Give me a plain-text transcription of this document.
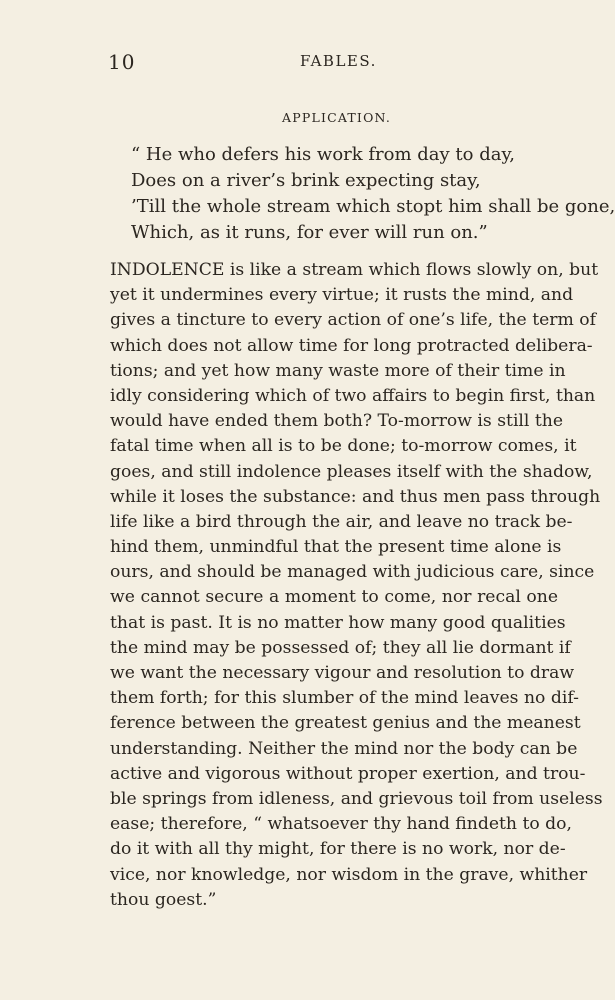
10	FABLES.
APPLICATION.
“ He who defers his work from day to day,
Does on a river’s brink expecting stay,
’Till the whole stream which stopt him shall be gone,
Which, as it runs, for ever will run on.”
INDOLENCE is like a stream which flows slowly on, but
yet it undermines every virtue; it rusts the mind, and
gives a tincture to every action of one’s life, the term of
which does not allow time for long protracted delibera-
tions; and yet how many waste more of their time in
idly considering which of two affairs to begin first, than
would have ended them both? To-morrow is still the
fatal time when all is to be done; to-morrow comes, it
goes, and still indolence pleases itself with the shadow,
while it loses the substance: and thus men pass through
life like a bird through the air, and leave no track be-
hind them, unmindful that the present time alone is
ours, and should be managed with judicious care, since
we cannot secure a moment to come, nor recal one
that is past. It is no matter how many good qualities
the mind may be possessed of; they all lie dormant if
we want the necessary vigour and resolution to draw
them forth; for this slumber of the mind leaves no dif-
ference between the greatest genius and the meanest
understanding. Neither the mind nor the body can be
active and vigorous without proper exertion, and trou-
ble springs from idleness, and grievous toil from useless
ease; therefore, “ whatsoever thy hand findeth to do,
do it with all thy might, for there is no work, nor de-
vice, nor knowledge, nor wisdom in the grave, whither
thou goest.”
